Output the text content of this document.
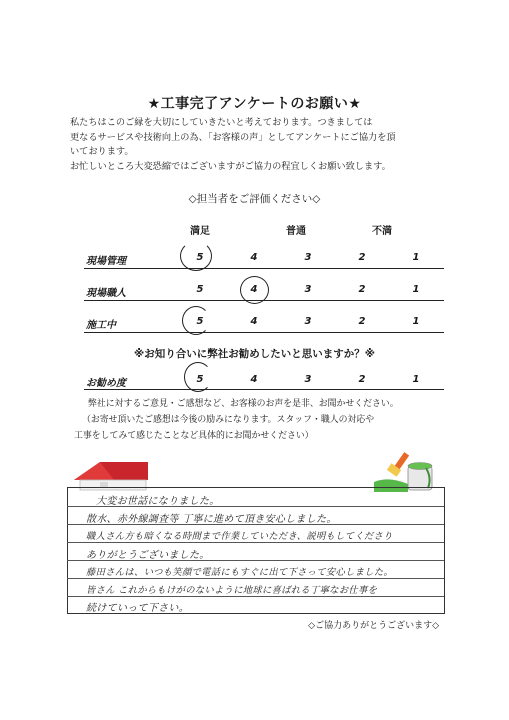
★工事完了アンケートのお願い★
私たちはこのご縁を大切にしていきたいと考えております。つきましては
更なるサービスや技術向上の為、「お客様の声」としてアンケートにご協力を頂
いております。
お忙しいところ大変恐縮ではございますがご協力の程宜しくお願い致します。
◇担当者をご評価ください◇
満足	普通	不満
現場管理	5	4	3	2	1
現場職人	5	4	3	2	1
施工中	5	4	3	2	1
※お知り合いに弊社お勧めしたいと思いますか？※
お勧め度	5	4	3	2	1
弊社に対するご意見・ご感想など、お客様のお声を是非、お聞かせください。
（お寄せ頂いたご感想は今後の励みになります。スタッフ・職人の対応や
工事をしてみて感じたことなど具体的にお聞かせください）
大変お世話になりました。
散水、赤外線調査等 丁寧に進めて頂き安心しました。
職人さん方も暗くなる時間まで作業していただき、説明もしてくださり
ありがとうございました。
藤田さんは、いつも笑顔で電話にもすぐに出て下さって安心しました。
皆さん これからもけがのないように地球に喜ばれる丁寧なお仕事を
続けていって下さい。
◇ご協力ありがとうございます◇
